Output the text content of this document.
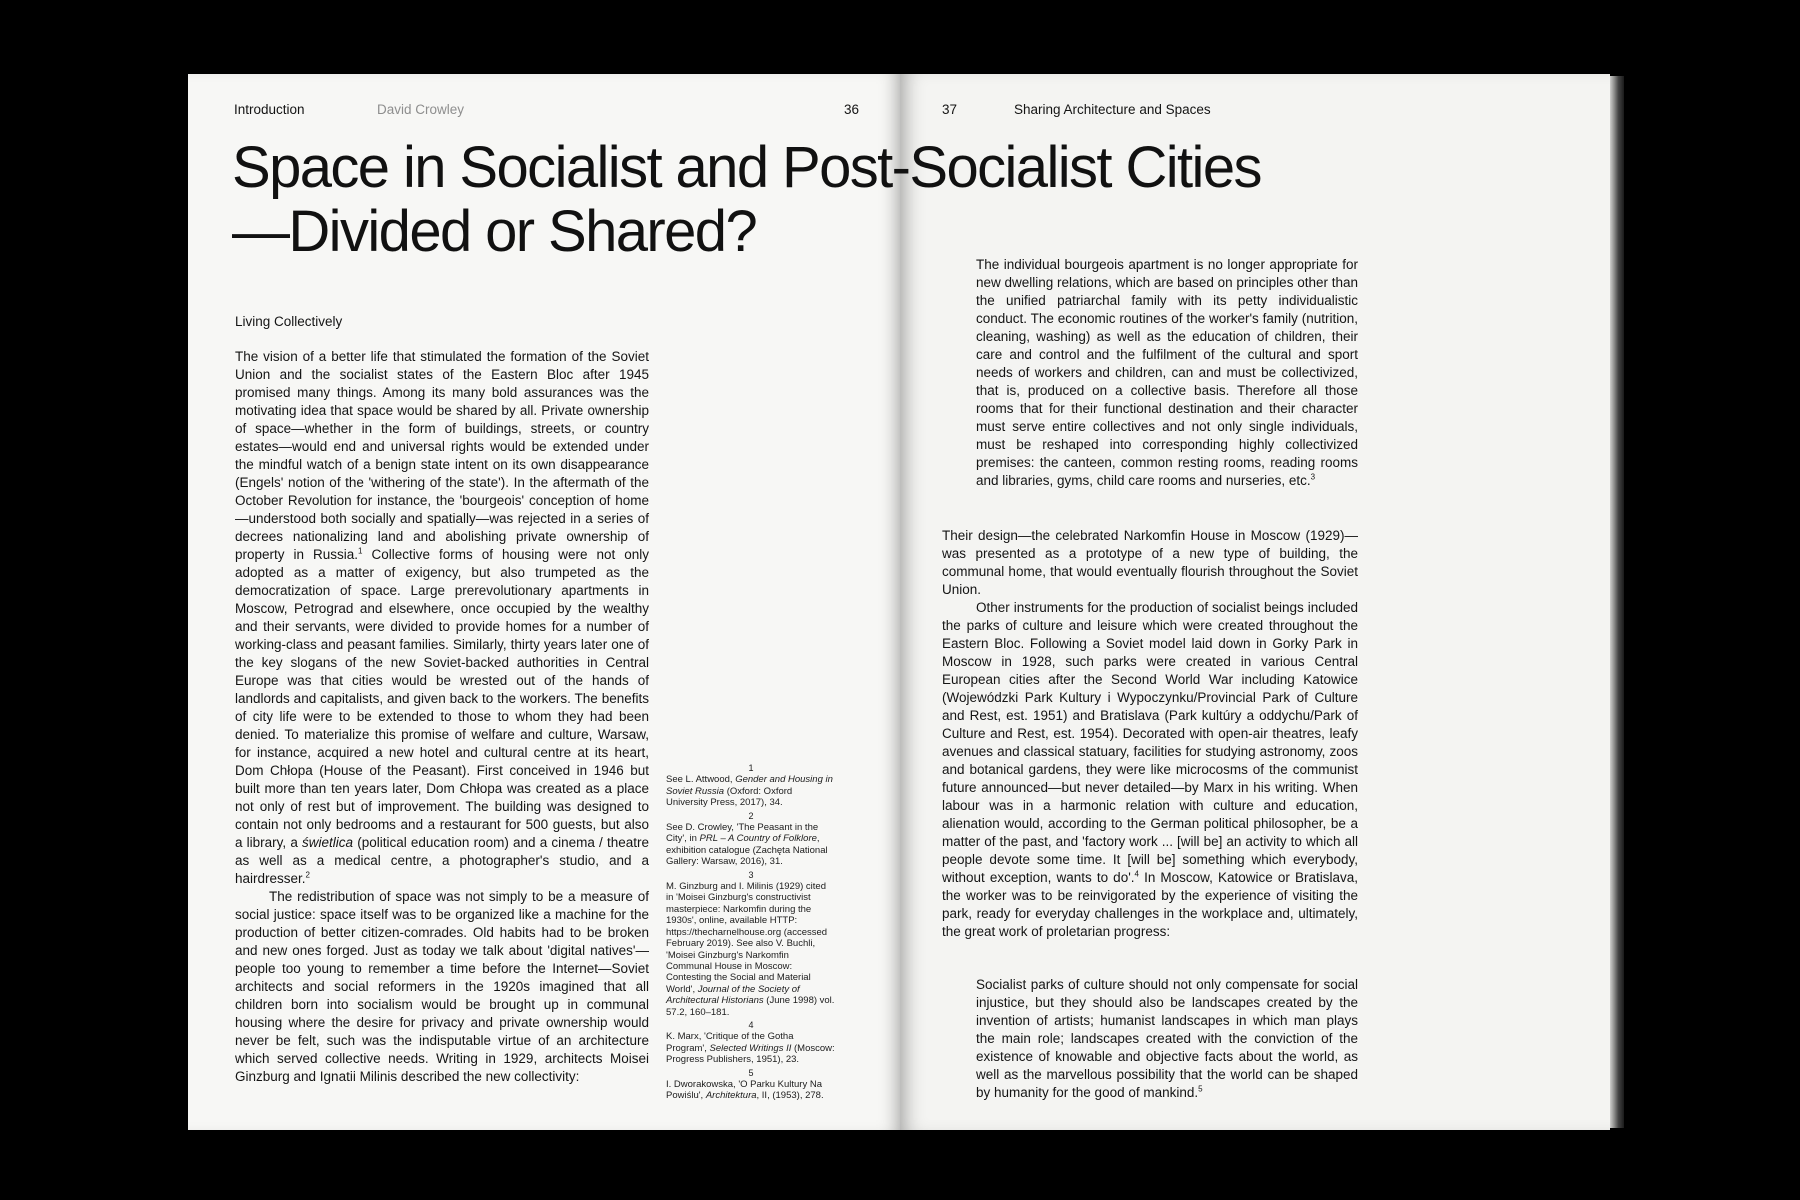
Introduction	David Crowley	36
Living Collectively

The vision of a better life that stimulated the formation of the Soviet Union and the socialist states of the Eastern Bloc after 1945 promised many things. Among its many bold assurances was the motivating idea that space would be shared by all. Private ownership of space—whether in the form of buildings, streets, or country estates—would end and universal rights would be extended under the mindful watch of a benign state intent on its own disappearance (Engels' notion of the 'withering of the state'). In the aftermath of the October Revolution for instance, the 'bourgeois' conception of home—understood both socially and spatially—was rejected in a series of decrees nationalizing land and abolishing private ownership of property in Russia.$^1$ Collective forms of housing were not only adopted as a matter of exigency, but also trumpeted as the democratization of space. Large prerevolutionary apartments in Moscow, Petrograd and elsewhere, once occupied by the wealthy and their servants, were divided to provide homes for a number of working-class and peasant families. Similarly, thirty years later one of the key slogans of the new Soviet-backed authorities in Central Europe was that cities would be wrested out of the hands of landlords and capitalists, and given back to the workers. The benefits of city life were to be extended to those to whom they had been denied. To materialize this promise of welfare and culture, Warsaw, for instance, acquired a new hotel and cultural centre at its heart, Dom Chłopa (House of the Peasant). First conceived in 1946 but built more than ten years later, Dom Chłopa was created as a place not only of rest but of improvement. The building was designed to contain not only bedrooms and a restaurant for 500 guests, but also a library, a świetlica (political education room) and a cinema / theatre as well as a medical centre, a photographer's studio, and a hairdresser.$^2$

The redistribution of space was not simply to be a measure of social justice: space itself was to be organized like a machine for the production of better citizen-comrades. Old habits had to be broken and new ones forged. Just as today we talk about 'digital natives'—people too young to remember a time before the Internet—Soviet architects and social reformers in the 1920s imagined that all children born into socialism would be brought up in communal housing where the desire for privacy and private ownership would never be felt, such was the indisputable virtue of an architecture which served collective needs. Writing in 1929, architects Moisei Ginzburg and Ignatii Milinis described the new collectivity:

1
See L. Attwood, Gender and Housing in Soviet Russia (Oxford: Oxford University Press, 2017), 34.
2
See D. Crowley, 'The Peasant in the City', in PRL – A Country of Folklore, exhibition catalogue (Zachęta National Gallery: Warsaw, 2016), 31.
3
M. Ginzburg and I. Milinis (1929) cited in 'Moisei Ginzburg's constructivist masterpiece: Narkomfin during the 1930s', online, available HTTP: https://thecharnelhouse.org (accessed February 2019). See also V. Buchli, 'Moisei Ginzburg's Narkomfin Communal House in Moscow: Contesting the Social and Material World', Journal of the Society of Architectural Historians (June 1998) vol. 57.2, 160–181.
4
K. Marx, 'Critique of the Gotha Program', Selected Writings II (Moscow: Progress Publishers, 1951), 23.
5
I. Dworakowska, 'O Parku Kultury Na Powiślu', Architektura, II, (1953), 278.
37	Sharing Architecture and Spaces

The individual bourgeois apartment is no longer appropriate for new dwelling relations, which are based on principles other than the unified patriarchal family with its petty individualistic conduct. The economic routines of the worker's family (nutrition, cleaning, washing) as well as the education of children, their care and control and the fulfilment of the cultural and sport needs of workers and children, can and must be collectivized, that is, produced on a collective basis. Therefore all those rooms that for their functional destination and their character must serve entire collectives and not only single individuals, must be reshaped into corresponding highly collectivized premises: the canteen, common resting rooms, reading rooms and libraries, gyms, child care rooms and nurseries, etc.$^3$

Their design—the celebrated Narkomfin House in Moscow (1929)—was presented as a prototype of a new type of building, the communal home, that would eventually flourish throughout the Soviet Union.

Other instruments for the production of socialist beings included the parks of culture and leisure which were created throughout the Eastern Bloc. Following a Soviet model laid down in Gorky Park in Moscow in 1928, such parks were created in various Central European cities after the Second World War including Katowice (Wojewódzki Park Kultury i Wypoczynku/Provincial Park of Culture and Rest, est. 1951) and Bratislava (Park kultúry a oddychu/Park of Culture and Rest, est. 1954). Decorated with open-air theatres, leafy avenues and classical statuary, facilities for studying astronomy, zoos and botanical gardens, they were like microcosms of the communist future announced—but never detailed—by Marx in his writing. When labour was in a harmonic relation with culture and education, alienation would, according to the German political philosopher, be a matter of the past, and 'factory work ... [will be] an activity to which all people devote some time. It [will be] something which everybody, without exception, wants to do'.$^4$ In Moscow, Katowice or Bratislava, the worker was to be reinvigorated by the experience of visiting the park, ready for everyday challenges in the workplace and, ultimately, the great work of proletarian progress:

Socialist parks of culture should not only compensate for social injustice, but they should also be landscapes created by the invention of artists; humanist landscapes in which man plays the main role; landscapes created with the conviction of the existence of knowable and objective facts about the world, as well as the marvellous possibility that the world can be shaped by humanity for the good of mankind.$^5$

Space in Socialist and Post-Socialist Cities
—Divided or Shared?
